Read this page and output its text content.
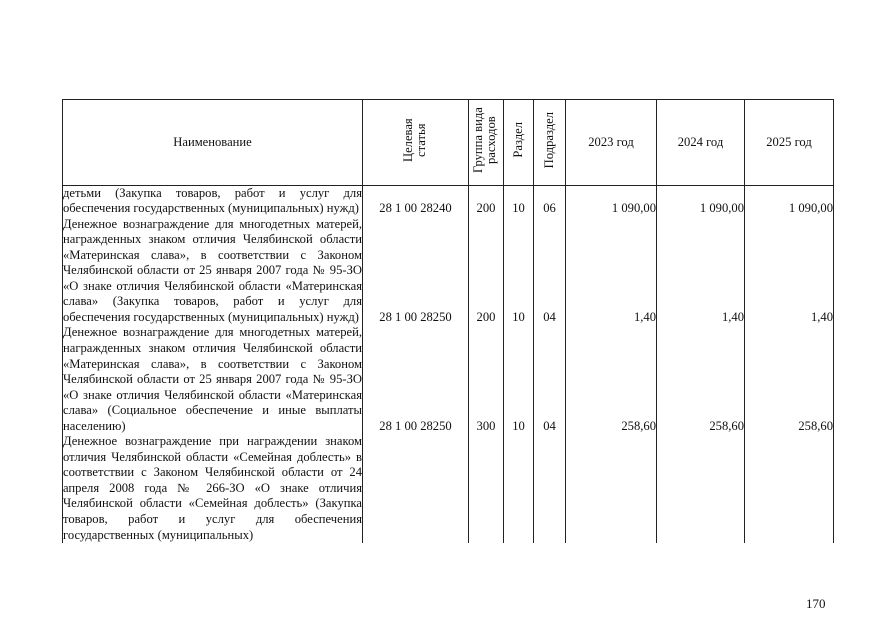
Наименование	Целевая статья	Группа вида расходов	Раздел	Подраздел	2023 год	2024 год	2025 год
детьми (Закупка товаров, работ и услуг для обеспечения государственных (муниципальных) нужд)	28 1 00 28240	200	10	06	1 090,00	1 090,00	1 090,00
Денежное вознаграждение для многодетных матерей, награжденных знаком отличия Челябинской области «Материнская слава», в соответствии с Законом Челябинской области от 25 января 2007 года № 95-ЗО «О знаке отличия Челябинской области «Материнская слава» (Закупка товаров, работ и услуг для обеспечения государственных (муниципальных) нужд)	28 1 00 28250	200	10	04	1,40	1,40	1,40
Денежное вознаграждение для многодетных матерей, награжденных знаком отличия Челябинской области «Материнская слава», в соответствии с Законом Челябинской области от 25 января 2007 года № 95-ЗО «О знаке отличия Челябинской области «Материнская слава» (Социальное обеспечение и иные выплаты населению)	28 1 00 28250	300	10	04	258,60	258,60	258,60
Денежное вознаграждение при награждении знаком отличия Челябинской области «Семейная доблесть» в соответствии с Законом Челябинской области от 24 апреля 2008 года № 266-ЗО «О знаке отличия Челябинской области «Семейная доблесть» (Закупка товаров, работ и услуг для обеспечения государственных (муниципальных)							
170
